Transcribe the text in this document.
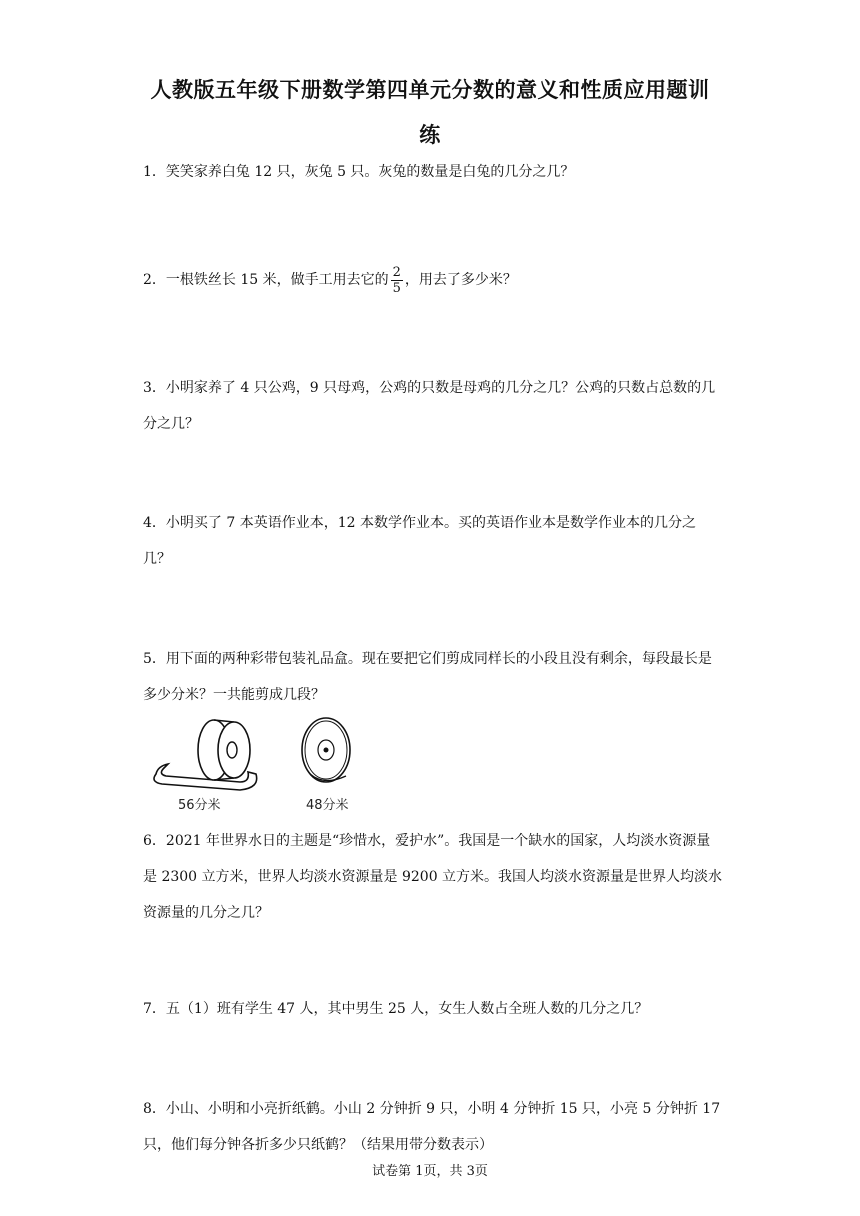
人教版五年级下册数学第四单元分数的意义和性质应用题训
练
1．笑笑家养白兔 12 只，灰兔 5 只。灰兔的数量是白兔的几分之几？
2．一根铁丝长 15 米，做手工用去它的 $\frac{2}{5}$ ，用去了多少米？
3．小明家养了 4 只公鸡，9 只母鸡，公鸡的只数是母鸡的几分之几？公鸡的只数占总数的几分之几？
4．小明买了 7 本英语作业本，12 本数学作业本。买的英语作业本是数学作业本的几分之几？
5．用下面的两种彩带包装礼品盒。现在要把它们剪成同样长的小段且没有剩余，每段最长是多少分米？一共能剪成几段？
56分米	48分米
6．2021 年世界水日的主题是“珍惜水，爱护水”。我国是一个缺水的国家，人均淡水资源量是 2300 立方米，世界人均淡水资源量是 9200 立方米。我国人均淡水资源量是世界人均淡水资源量的几分之几？
7．五（1）班有学生 47 人，其中男生 25 人，女生人数占全班人数的几分之几？
8．小山、小明和小亮折纸鹤。小山 2 分钟折 9 只，小明 4 分钟折 15 只，小亮 5 分钟折 17 只，他们每分钟各折多少只纸鹤？（结果用带分数表示）
试卷第 1页，共 3页
